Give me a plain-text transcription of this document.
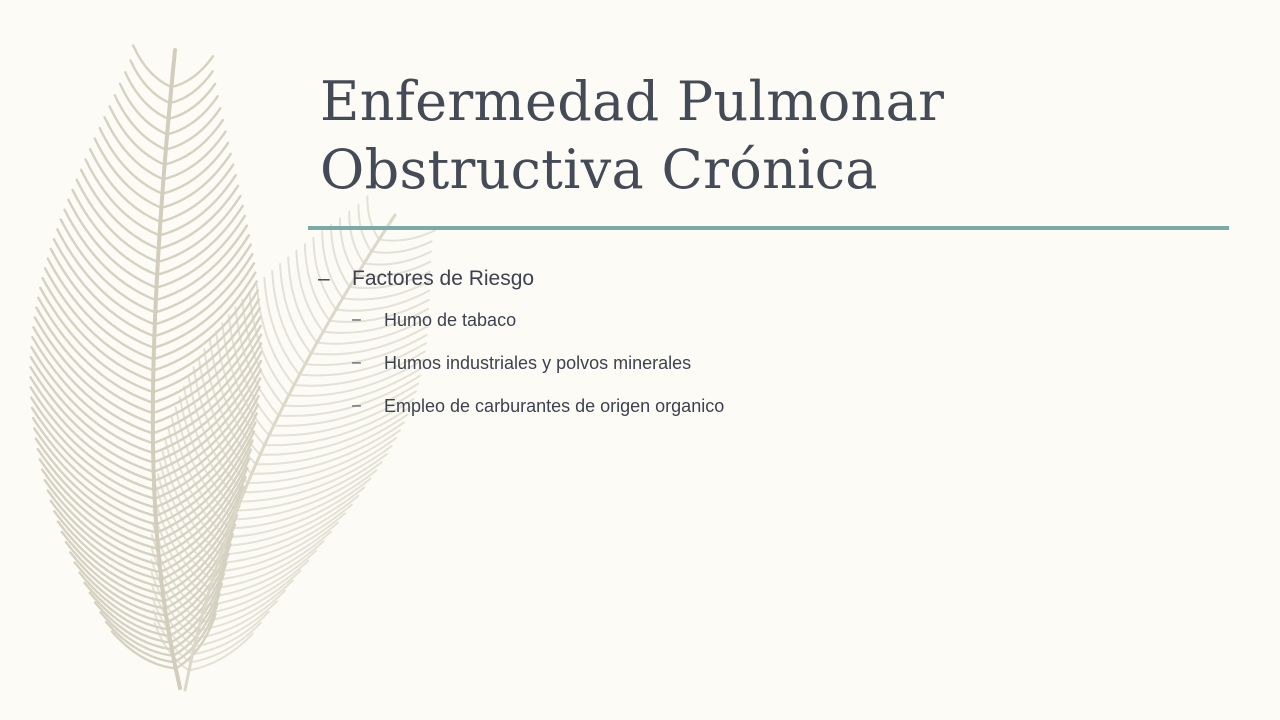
Enfermedad Pulmonar
Obstructiva Crónica
– Factores de Riesgo
– Humo de tabaco
– Humos industriales y polvos minerales
– Empleo de carburantes de origen organico
